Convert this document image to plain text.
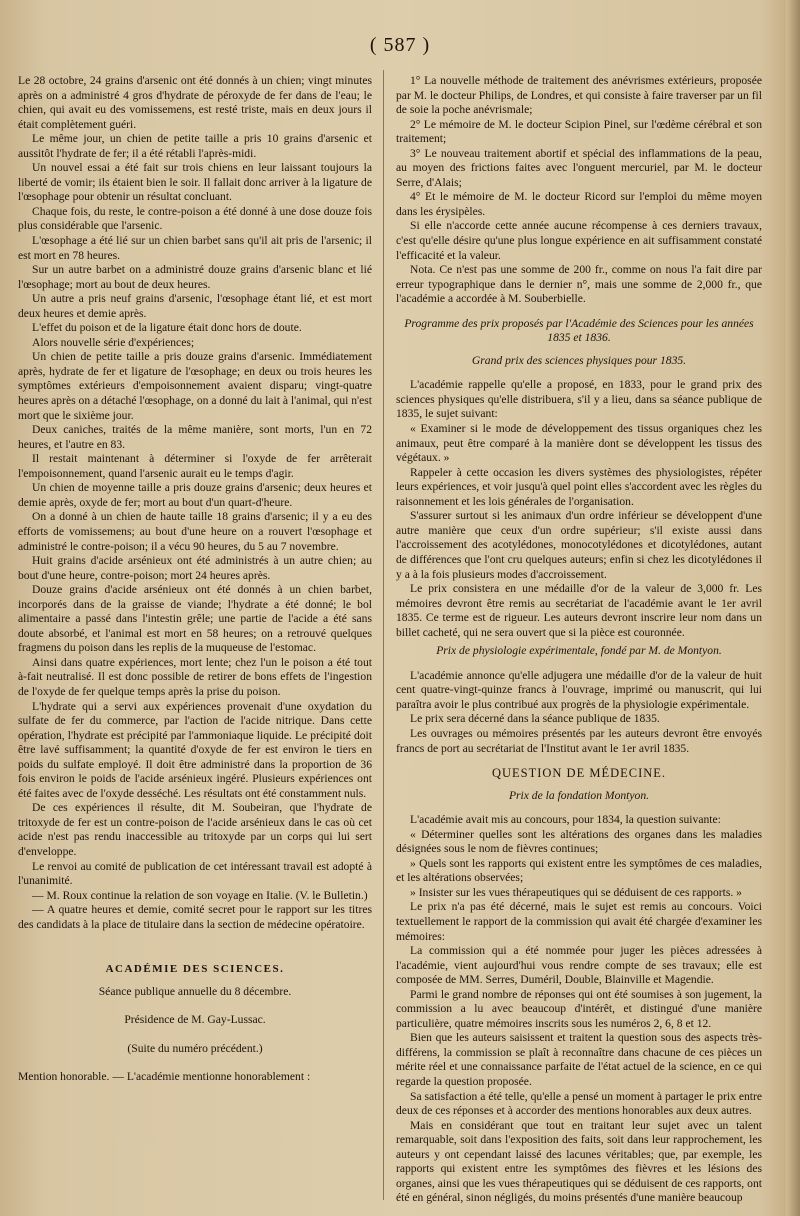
( 587 )

Le 28 octobre, 24 grains d'arsenic ont été donnés à un chien; vingt minutes après on a administré 4 gros d'hydrate de péroxyde de fer dans de l'eau; le chien, qui avait eu des vomissemens, est resté triste, mais en deux jours il était complètement guéri.

Le même jour, un chien de petite taille a pris 10 grains d'arsenic et aussitôt l'hydrate de fer; il a été rétabli l'après-midi.

Un nouvel essai a été fait sur trois chiens en leur laissant toujours la liberté de vomir; ils étaient bien le soir. Il fallait donc arriver à la ligature de l'œsophage pour obtenir un résultat concluant.

Chaque fois, du reste, le contre-poison a été donné à une dose douze fois plus considérable que l'arsenic.

L'œsophage a été lié sur un chien barbet sans qu'il ait pris de l'arsenic; il est mort en 78 heures.

Sur un autre barbet on a administré douze grains d'arsenic blanc et lié l'œsophage; mort au bout de deux heures.

Un autre a pris neuf grains d'arsenic, l'œsophage étant lié, et est mort deux heures et demie après.

L'effet du poison et de la ligature était donc hors de doute.

Alors nouvelle série d'expériences;

Un chien de petite taille a pris douze grains d'arsenic. Immédiatement après, hydrate de fer et ligature de l'œsophage; en deux ou trois heures les symptômes extérieurs d'empoisonnement avaient disparu; vingt-quatre heures après on a détaché l'œsophage, on a donné du lait à l'animal, qui n'est mort que le sixième jour.

Deux caniches, traités de la même manière, sont morts, l'un en 72 heures, et l'autre en 83.

Il restait maintenant à déterminer si l'oxyde de fer arrêterait l'empoisonnement, quand l'arsenic aurait eu le temps d'agir.

Un chien de moyenne taille a pris douze grains d'arsenic; deux heures et demie après, oxyde de fer; mort au bout d'un quart-d'heure.

On a donné à un chien de haute taille 18 grains d'arsenic; il y a eu des efforts de vomissemens; au bout d'une heure on a rouvert l'œsophage et administré le contre-poison; il a vécu 90 heures, du 5 au 7 novembre.

Huit grains d'acide arsénieux ont été administrés à un autre chien; au bout d'une heure, contre-poison; mort 24 heures après.

Douze grains d'acide arsénieux ont été donnés à un chien barbet, incorporés dans de la graisse de viande; l'hydrate a été donné; le bol alimentaire a passé dans l'intestin grêle; une partie de l'acide a été sans doute absorbé, et l'animal est mort en 58 heures; on a retrouvé quelques fragmens du poison dans les replis de la muqueuse de l'estomac.

Ainsi dans quatre expériences, mort lente; chez l'un le poison a été tout à-fait neutralisé. Il est donc possible de retirer de bons effets de l'ingestion de l'oxyde de fer quelque temps après la prise du poison.

L'hydrate qui a servi aux expériences provenait d'une oxydation du sulfate de fer du commerce, par l'action de l'acide nitrique. Dans cette opération, l'hydrate est précipité par l'ammoniaque liquide. Le précipité doit être lavé suffisamment; la quantité d'oxyde de fer est environ le tiers en poids du sulfate employé. Il doit être administré dans la proportion de 36 fois environ le poids de l'acide arsénieux ingéré. Plusieurs expériences ont été faites avec de l'oxyde desséché. Les résultats ont été constamment nuls.

De ces expériences il résulte, dit M. Soubeiran, que l'hydrate de tritoxyde de fer est un contre-poison de l'acide arsénieux dans le cas où cet acide n'est pas rendu inaccessible au tritoxyde par un corps qui lui sert d'enveloppe.

Le renvoi au comité de publication de cet intéressant travail est adopté à l'unanimité.

— M. Roux continue la relation de son voyage en Italie. (V. le Bulletin.)

— A quatre heures et demie, comité secret pour le rapport sur les titres des candidats à la place de titulaire dans la section de médecine opératoire.

ACADÉMIE DES SCIENCES.
Séance publique annuelle du 8 décembre.
Présidence de M. Gay-Lussac.
(Suite du numéro précédent.)

Mention honorable. — L'académie mentionne honorablement :

1° La nouvelle méthode de traitement des anévrismes extérieurs, proposée par M. le docteur Philips, de Londres, et qui consiste à faire traverser par un fil de soie la poche anévrismale;

2° Le mémoire de M. le docteur Scipion Pinel, sur l'œdème cérébral et son traitement;

3° Le nouveau traitement abortif et spécial des inflammations de la peau, au moyen des frictions faites avec l'onguent mercuriel, par M. le docteur Serre, d'Alais;

4° Et le mémoire de M. le docteur Ricord sur l'emploi du même moyen dans les érysipèles.

Si elle n'accorde cette année aucune récompense à ces derniers travaux, c'est qu'elle désire qu'une plus longue expérience en ait suffisamment constaté l'efficacité et la valeur.

Nota. Ce n'est pas une somme de 200 fr., comme on nous l'a fait dire par erreur typographique dans le dernier n°, mais une somme de 2,000 fr., que l'académie a accordée à M. Souberbielle.

Programme des prix proposés par l'Académie des Sciences pour les années 1835 et 1836.
Grand prix des sciences physiques pour 1835.

L'académie rappelle qu'elle a proposé, en 1833, pour le grand prix des sciences physiques qu'elle distribuera, s'il y a lieu, dans sa séance publique de 1835, le sujet suivant:

« Examiner si le mode de développement des tissus organiques chez les animaux, peut être comparé à la manière dont se développent les tissus des végétaux. »

Rappeler à cette occasion les divers systèmes des physiologistes, répéter leurs expériences, et voir jusqu'à quel point elles s'accordent avec les règles du raisonnement et les lois générales de l'organisation.

S'assurer surtout si les animaux d'un ordre inférieur se développent d'une autre manière que ceux d'un ordre supérieur; s'il existe aussi dans l'accroissement des acotylédones, monocotylédones et dicotylédones, autant de différences que l'ont cru quelques auteurs; enfin si chez les dicotylédones il y a à la fois plusieurs modes d'accroissement.

Le prix consistera en une médaille d'or de la valeur de 3,000 fr. Les mémoires devront être remis au secrétariat de l'académie avant le 1er avril 1835. Ce terme est de rigueur. Les auteurs devront inscrire leur nom dans un billet cacheté, qui ne sera ouvert que si la pièce est couronnée.

Prix de physiologie expérimentale, fondé par M. de Montyon.

L'académie annonce qu'elle adjugera une médaille d'or de la valeur de huit cent quatre-vingt-quinze francs à l'ouvrage, imprimé ou manuscrit, qui lui paraîtra avoir le plus contribué aux progrès de la physiologie expérimentale.

Le prix sera décerné dans la séance publique de 1835.

Les ouvrages ou mémoires présentés par les auteurs devront être envoyés francs de port au secrétariat de l'Institut avant le 1er avril 1835.

QUESTION DE MÉDECINE.
Prix de la fondation Montyon.

L'académie avait mis au concours, pour 1834, la question suivante:

« Déterminer quelles sont les altérations des organes dans les maladies désignées sous le nom de fièvres continues;

» Quels sont les rapports qui existent entre les symptômes de ces maladies, et les altérations observées;

» Insister sur les vues thérapeutiques qui se déduisent de ces rapports. »

Le prix n'a pas été décerné, mais le sujet est remis au concours. Voici textuellement le rapport de la commission qui avait été chargée d'examiner les mémoires:

La commission qui a été nommée pour juger les pièces adressées à l'académie, vient aujourd'hui vous rendre compte de ses travaux; elle est composée de MM. Serres, Duméril, Double, Blainville et Magendie.

Parmi le grand nombre de réponses qui ont été soumises à son jugement, la commission a lu avec beaucoup d'intérêt, et distingué d'une manière particulière, quatre mémoires inscrits sous les numéros 2, 6, 8 et 12.

Bien que les auteurs saisissent et traitent la question sous des aspects très-différens, la commission se plaît à reconnaître dans chacune de ces pièces un mérite réel et une connaissance parfaite de l'état actuel de la science, en ce qui regarde la question proposée.

Sa satisfaction a été telle, qu'elle a pensé un moment à partager le prix entre deux de ces réponses et à accorder des mentions honorables aux deux autres.

Mais en considérant que tout en traitant leur sujet avec un talent remarquable, soit dans l'exposition des faits, soit dans leur rapprochement, les auteurs y ont cependant laissé des lacunes véritables; que, par exemple, les rapports qui existent entre les symptômes des fièvres et les lésions des organes, ainsi que les vues thérapeutiques qui se déduisent de ces rapports, ont été en général, sinon négligés, du moins présentés d'une manière beaucoup
